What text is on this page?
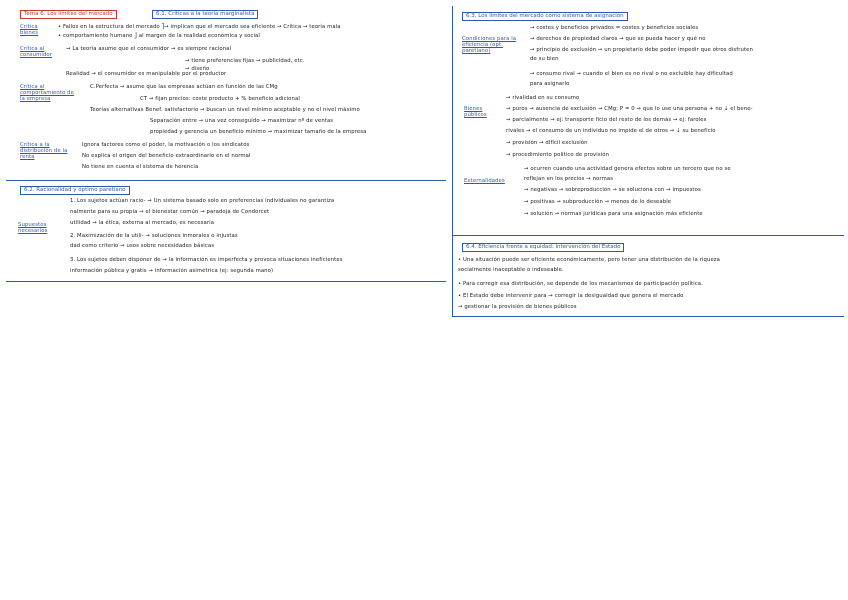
Tema 6. Los límites del mercado	6.1. Críticas a la teoría marginalista
Crítica bienes
• Fallos en la estructura del mercado ⎤→ implican que el mercado sea eficiente → Crítica → teoría mala
• comportamiento humano ⎦ al margen de la realidad económica y social
Crítica al consumidor
→ La teoría asume que el consumidor → es siempre racional
→ tiene preferencias fijas → publicidad, etc.
→ diseño
Realidad → el consumidor es manipulable por el productor
Crítica al comportamiento de la empresa
C.Perfecta → asume que las empresas actúan en función de las CMg
CT → fijan precios: coste producto + % beneficio adicional
Teorías alternativas Benef. satisfactorio → buscan un nivel mínimo aceptable y no el nivel máximo
Separación entre → una vez conseguido → maximizar nº de ventas
propiedad y gerencia un beneficio mínimo → maximizar tamaño de la empresa
Crítica a la distribución de la renta
Ignora factores como el poder, la motivación o los sindicatos
No explica el origen del beneficio extraordinario en el normal
No tiene en cuenta el sistema de herencia
6.2. Racionalidad y óptimo paretiano
Supuestos necesarios
1. Los sujetos actúan racio- → Un sistema basado solo en preferencias individuales no garantiza
nalmente para su propia → el bienestar común → paradoja de Condorcet
utilidad → la ética, externa al mercado, es necesaria
2. Maximización de la utili- → soluciones inmorales o injustas
dad como criterio → usos sobre necesidades básicas
3. Los sujetos deben disponer de → la información es imperfecta y provoca situaciones ineficientes
información pública y gratis → información asimétrica (ej: segunda mano)
6.3. Los límites del mercado como sistema de asignación
Condiciones para la eficiencia (opt. paretiano)
→ costes y beneficios privados = costes y beneficios sociales
→ derechos de propiedad claros → que se pueda hacer y qué no
→ principio de exclusión → un propietario debe poder impedir que otros disfruten
de su bien
→ consumo rival → cuando el bien es no rival o no excluible hay dificultad
para asignarlo
Bienes públicos
→ rivalidad en su consumo
→ puros → ausencia de exclusión → CMg; P = 0 → que lo use una persona + no ↓ el bene-
→ parcialmente → ej: transporte ficio del resto de los demás → ej: faroles
rivales → el consumo de un individuo no impide el de otros → ↓ su beneficio
→ provisión → difícil exclusión
→ procedimiento político de provisión
Externalidades
→ ocurren cuando una actividad genera efectos sobre un tercero que no se
reflejan en los precios → normas
→ negativas → sobreproducción → se soluciona con → impuestos
→ positivas → subproducción → menos de lo deseable
→ solución → normas jurídicas para una asignación más eficiente
6.4. Eficiencia frente a equidad: intervención del Estado
• Una situación puede ser eficiente económicamente, pero tener una distribución de la riqueza
socialmente inaceptable o indeseable.
• Para corregir esa distribución, se depende de los mecanismos de participación política.
• El Estado debe intervenir para → corregir la desigualdad que genera el mercado
→ gestionar la provisión de bienes públicos
